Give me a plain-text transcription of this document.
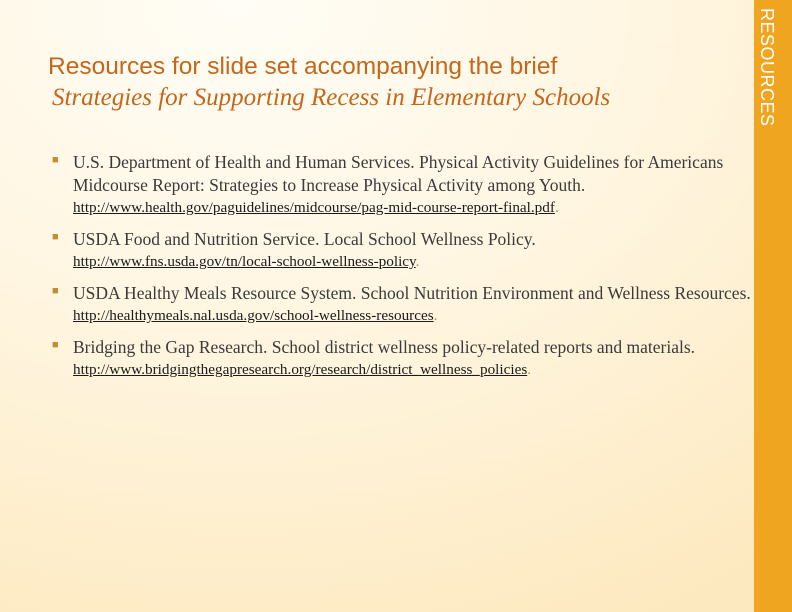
RESOURCES
Resources for slide set accompanying the brief
Strategies for Supporting Recess in Elementary Schools
■ U.S. Department of Health and Human Services. Physical Activity Guidelines for Americans Midcourse Report: Strategies to Increase Physical Activity among Youth.
http://www.health.gov/paguidelines/midcourse/pag-mid-course-report-final.pdf.
■ USDA Food and Nutrition Service. Local School Wellness Policy.
http://www.fns.usda.gov/tn/local-school-wellness-policy.
■ USDA Healthy Meals Resource System. School Nutrition Environment and Wellness Resources.
http://healthymeals.nal.usda.gov/school-wellness-resources.
■ Bridging the Gap Research. School district wellness policy-related reports and materials.
http://www.bridgingthegapresearch.org/research/district_wellness_policies.
